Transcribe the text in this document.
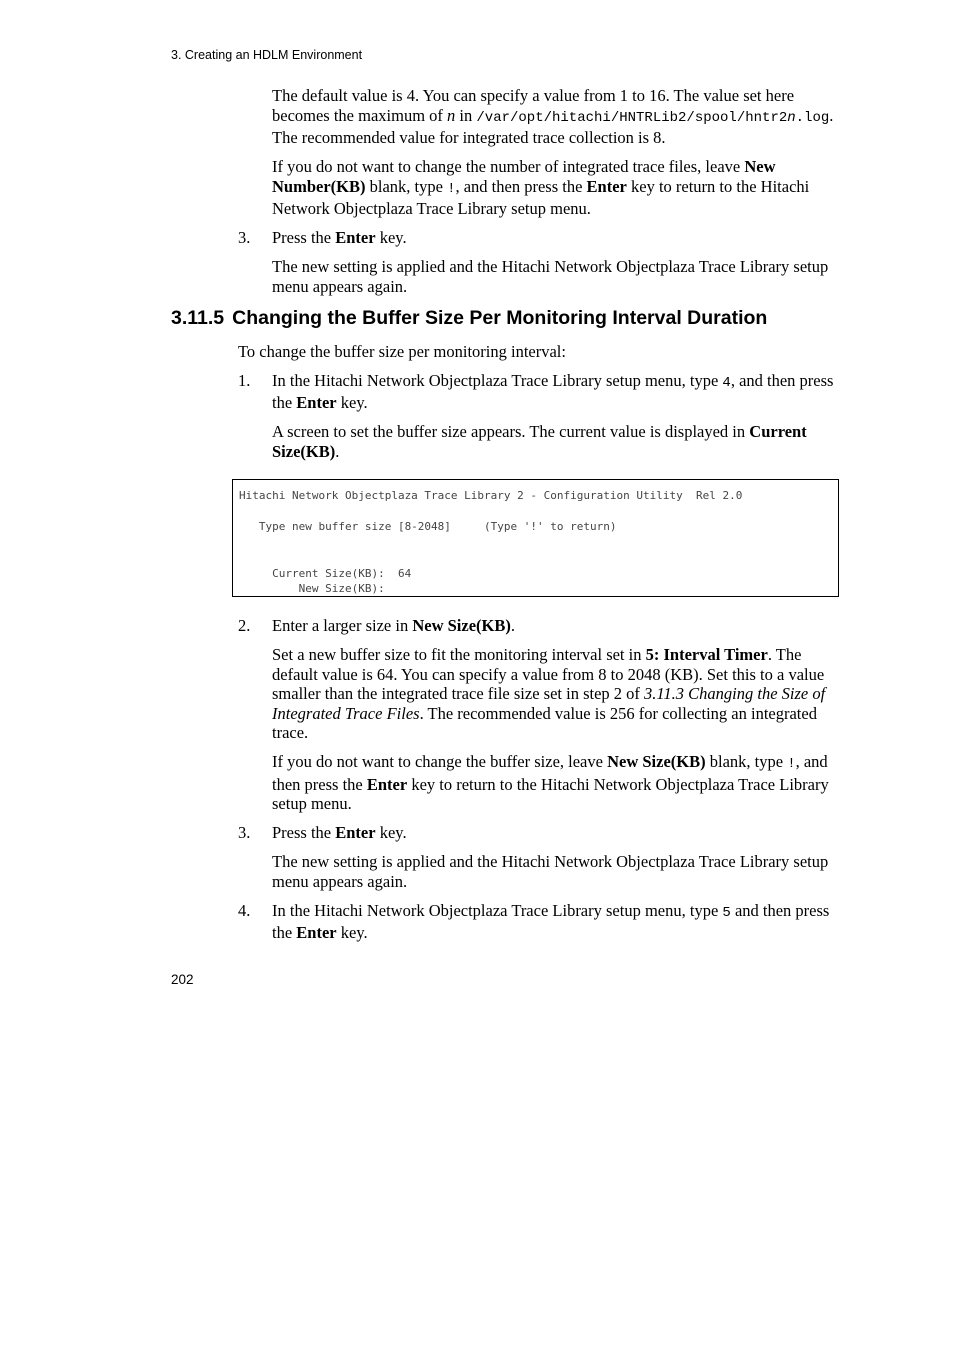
3. Creating an HDLM Environment

The default value is 4. You can specify a value from 1 to 16. The value set here becomes the maximum of n in /var/opt/hitachi/HNTRLib2/spool/hntr2n.log. The recommended value for integrated trace collection is 8.

If you do not want to change the number of integrated trace files, leave New Number(KB) blank, type !, and then press the Enter key to return to the Hitachi Network Objectplaza Trace Library setup menu.

3. Press the Enter key.

The new setting is applied and the Hitachi Network Objectplaza Trace Library setup menu appears again.

3.11.5 Changing the Buffer Size Per Monitoring Interval Duration

To change the buffer size per monitoring interval:

1. In the Hitachi Network Objectplaza Trace Library setup menu, type 4, and then press the Enter key.

A screen to set the buffer size appears. The current value is displayed in Current Size(KB).

Hitachi Network Objectplaza Trace Library 2 - Configuration Utility  Rel 2.0
Type new buffer size [8-2048]     (Type '!' to return)
Current Size(KB):  64
New Size(KB):
2. Enter a larger size in New Size(KB).

Set a new buffer size to fit the monitoring interval set in 5: Interval Timer. The default value is 64. You can specify a value from 8 to 2048 (KB). Set this to a value smaller than the integrated trace file size set in step 2 of 3.11.3 Changing the Size of Integrated Trace Files. The recommended value is 256 for collecting an integrated trace.

If you do not want to change the buffer size, leave New Size(KB) blank, type !, and then press the Enter key to return to the Hitachi Network Objectplaza Trace Library setup menu.

3. Press the Enter key.

The new setting is applied and the Hitachi Network Objectplaza Trace Library setup menu appears again.

4. In the Hitachi Network Objectplaza Trace Library setup menu, type 5 and then press the Enter key.
202
